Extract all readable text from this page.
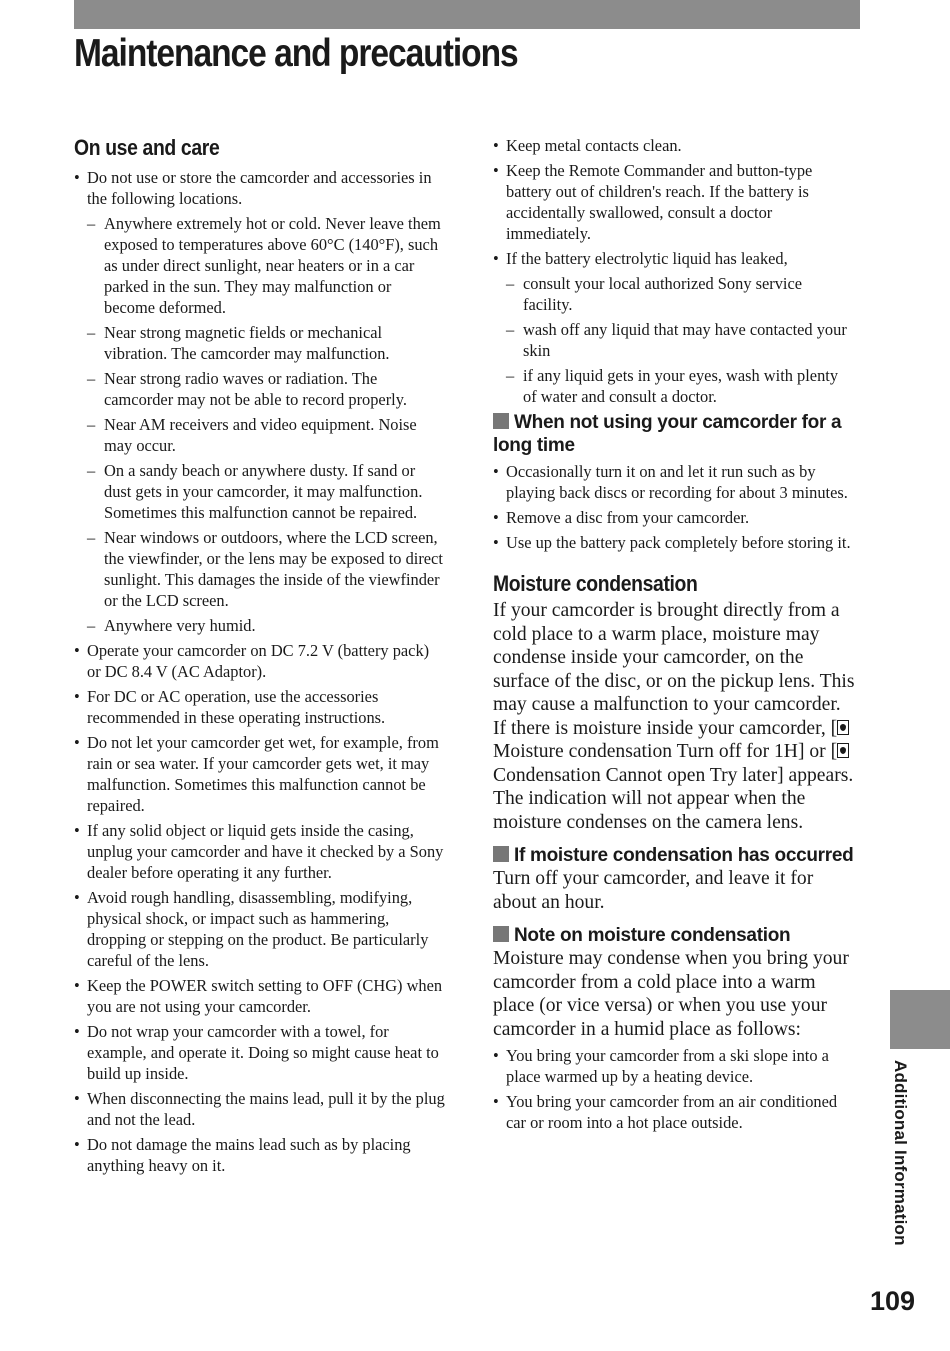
Maintenance and precautions
On use and care
• Do not use or store the camcorder and accessories in the following locations.
– Anywhere extremely hot or cold. Never leave them exposed to temperatures above 60°C (140°F), such as under direct sunlight, near heaters or in a car parked in the sun. They may malfunction or become deformed.
– Near strong magnetic fields or mechanical vibration. The camcorder may malfunction.
– Near strong radio waves or radiation. The camcorder may not be able to record properly.
– Near AM receivers and video equipment. Noise may occur.
– On a sandy beach or anywhere dusty. If sand or dust gets in your camcorder, it may malfunction. Sometimes this malfunction cannot be repaired.
– Near windows or outdoors, where the LCD screen, the viewfinder, or the lens may be exposed to direct sunlight. This damages the inside of the viewfinder or the LCD screen.
– Anywhere very humid.
• Operate your camcorder on DC 7.2 V (battery pack) or DC 8.4 V (AC Adaptor).
• For DC or AC operation, use the accessories recommended in these operating instructions.
• Do not let your camcorder get wet, for example, from rain or sea water. If your camcorder gets wet, it may malfunction. Sometimes this malfunction cannot be repaired.
• If any solid object or liquid gets inside the casing, unplug your camcorder and have it checked by a Sony dealer before operating it any further.
• Avoid rough handling, disassembling, modifying, physical shock, or impact such as hammering, dropping or stepping on the product. Be particularly careful of the lens.
• Keep the POWER switch setting to OFF (CHG) when you are not using your camcorder.
• Do not wrap your camcorder with a towel, for example, and operate it. Doing so might cause heat to build up inside.
• When disconnecting the mains lead, pull it by the plug and not the lead.
• Do not damage the mains lead such as by placing anything heavy on it.
• Keep metal contacts clean.
• Keep the Remote Commander and button-type battery out of children's reach. If the battery is accidentally swallowed, consult a doctor immediately.
• If the battery electrolytic liquid has leaked,
– consult your local authorized Sony service facility.
– wash off any liquid that may have contacted your skin
– if any liquid gets in your eyes, wash with plenty of water and consult a doctor.
When not using your camcorder for a long time
• Occasionally turn it on and let it run such as by playing back discs or recording for about 3 minutes.
• Remove a disc from your camcorder.
• Use up the battery pack completely before storing it.
Moisture condensation

If your camcorder is brought directly from a cold place to a warm place, moisture may condense inside your camcorder, on the surface of the disc, or on the pickup lens. This may cause a malfunction to your camcorder. If there is moisture inside your camcorder, [ Moisture condensation Turn off for 1H] or [ Condensation Cannot open Try later] appears.

The indication will not appear when the moisture condenses on the camera lens.

If moisture condensation has occurred

Turn off your camcorder, and leave it for about an hour.

Note on moisture condensation

Moisture may condense when you bring your camcorder from a cold place into a warm place (or vice versa) or when you use your camcorder in a humid place as follows:

• You bring your camcorder from a ski slope into a place warmed up by a heating device.
• You bring your camcorder from an air conditioned car or room into a hot place outside.	Additional Information
109
